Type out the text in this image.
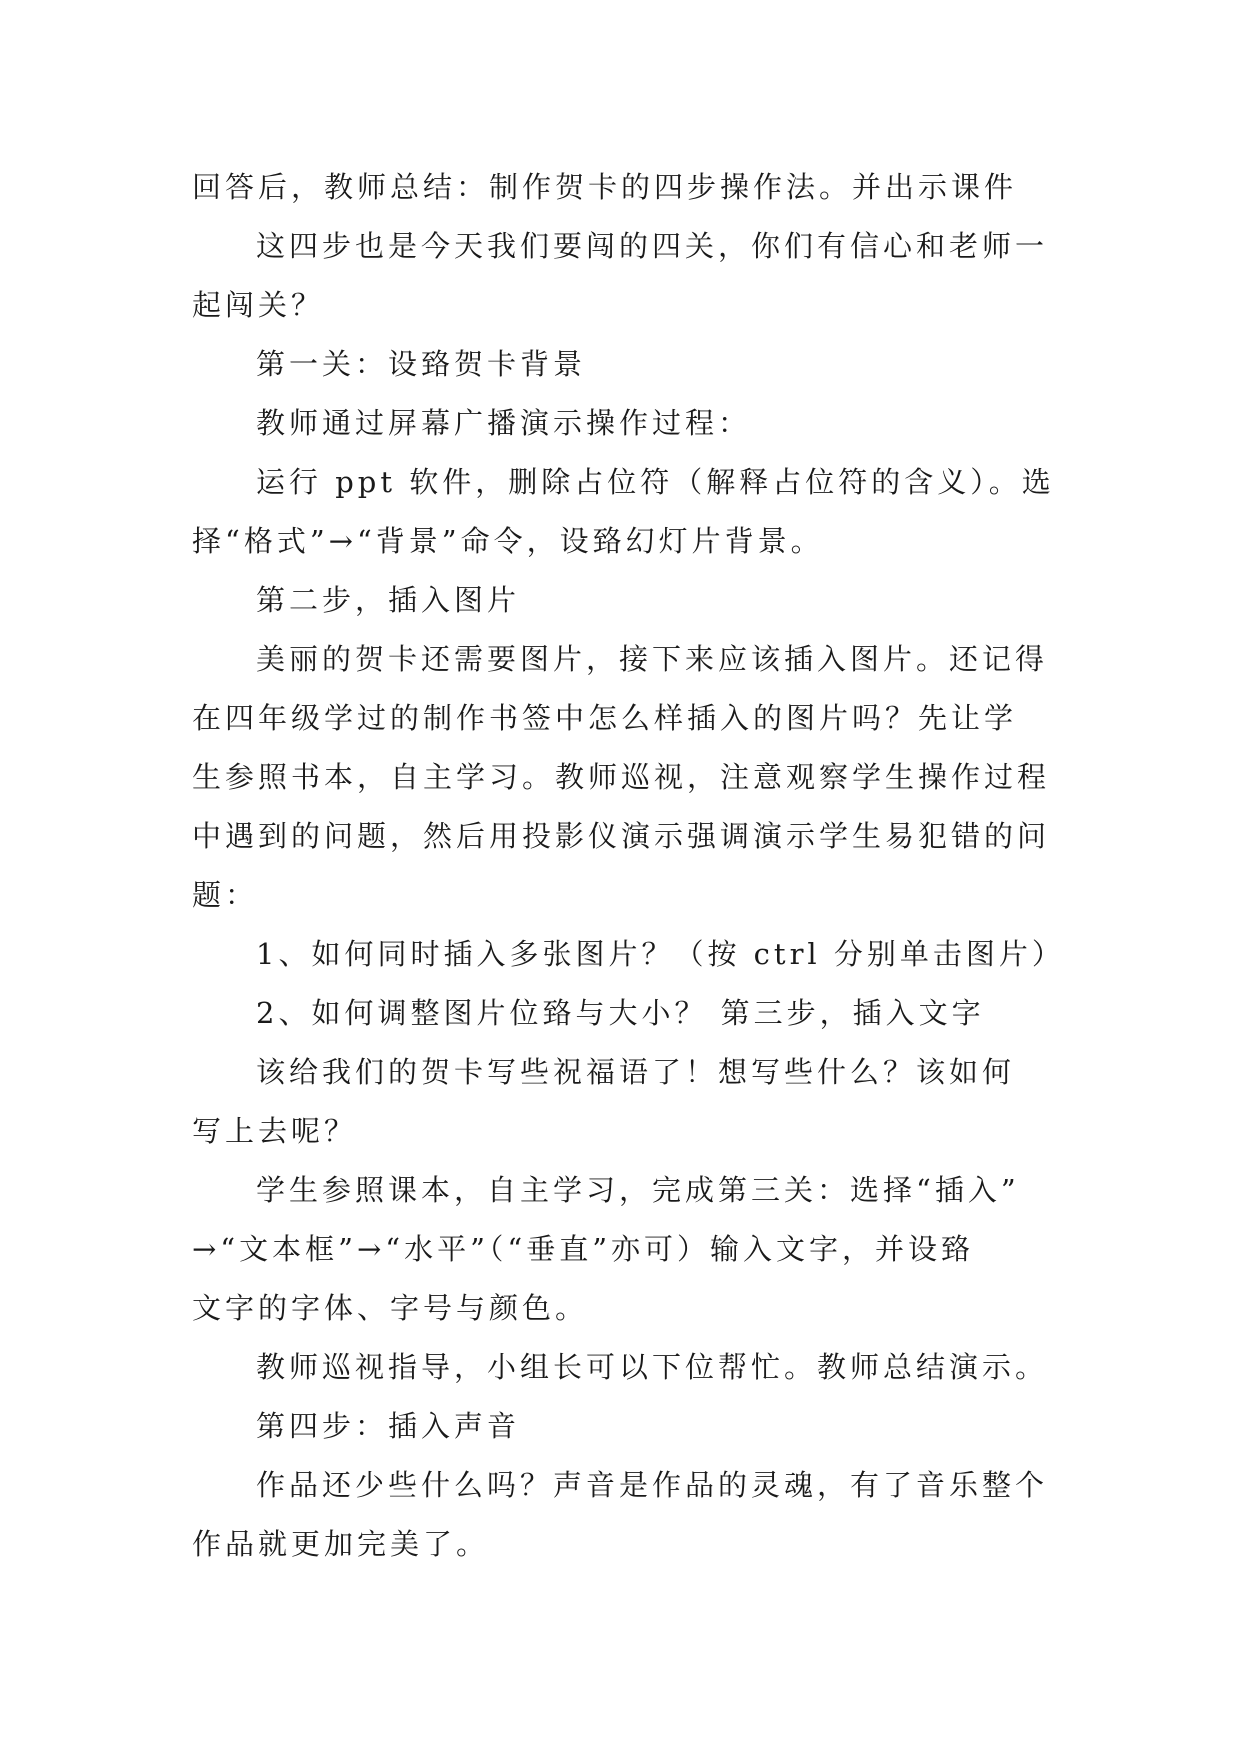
回答后，教师总结：制作贺卡的四步操作法。并出示课件

这四步也是今天我们要闯的四关，你们有信心和老师一

起闯关？

第一关：设臵贺卡背景

教师通过屏幕广播演示操作过程：

运行 ppt 软件，删除占位符（解释占位符的含义）。选

择“格式”→“背景”命令，设臵幻灯片背景。

第二步，插入图片

美丽的贺卡还需要图片，接下来应该插入图片。还记得

在四年级学过的制作书签中怎么样插入的图片吗？先让学

生参照书本，自主学习。教师巡视，注意观察学生操作过程

中遇到的问题，然后用投影仪演示强调演示学生易犯错的问

题：

1、如何同时插入多张图片？（按 ctrl 分别单击图片）

2、如何调整图片位臵与大小？ 第三步，插入文字

该给我们的贺卡写些祝福语了！想写些什么？该如何

写上去呢？

学生参照课本，自主学习，完成第三关：选择“插入”

→“文本框”→“水平”（“垂直”亦可）输入文字，并设臵

文字的字体、字号与颜色。

教师巡视指导，小组长可以下位帮忙。教师总结演示。

第四步：插入声音

作品还少些什么吗？声音是作品的灵魂，有了音乐整个

作品就更加完美了。
